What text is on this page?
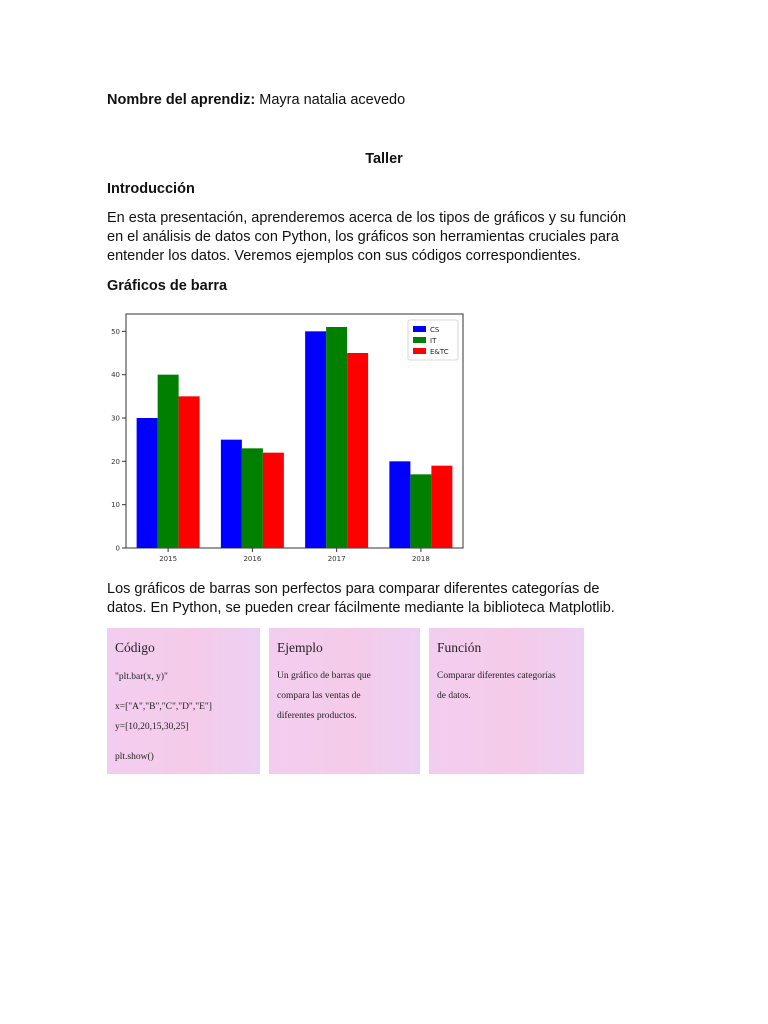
Nombre del aprendiz: Mayra natalia acevedo
Taller
Introducción
En esta presentación, aprenderemos acerca de los tipos de gráficos y su función
en el análisis de datos con Python, los gráficos son herramientas cruciales para
entender los datos. Veremos ejemplos con sus códigos correspondientes.
Gráficos de barra
0
10
20
30
40
50
2015	2016	2017	2018
CS
IT
E&TC
Los gráficos de barras son perfectos para comparar diferentes categorías de
datos. En Python, se pueden crear fácilmente mediante la biblioteca Matplotlib.
Código
"plt.bar(x, y)"
x=["A","B","C","D","E"]
y=[10,20,15,30,25]
plt.show()
Ejemplo
Un gráfico de barras que
compara las ventas de
diferentes productos.
Función
Comparar diferentes categorías
de datos.
